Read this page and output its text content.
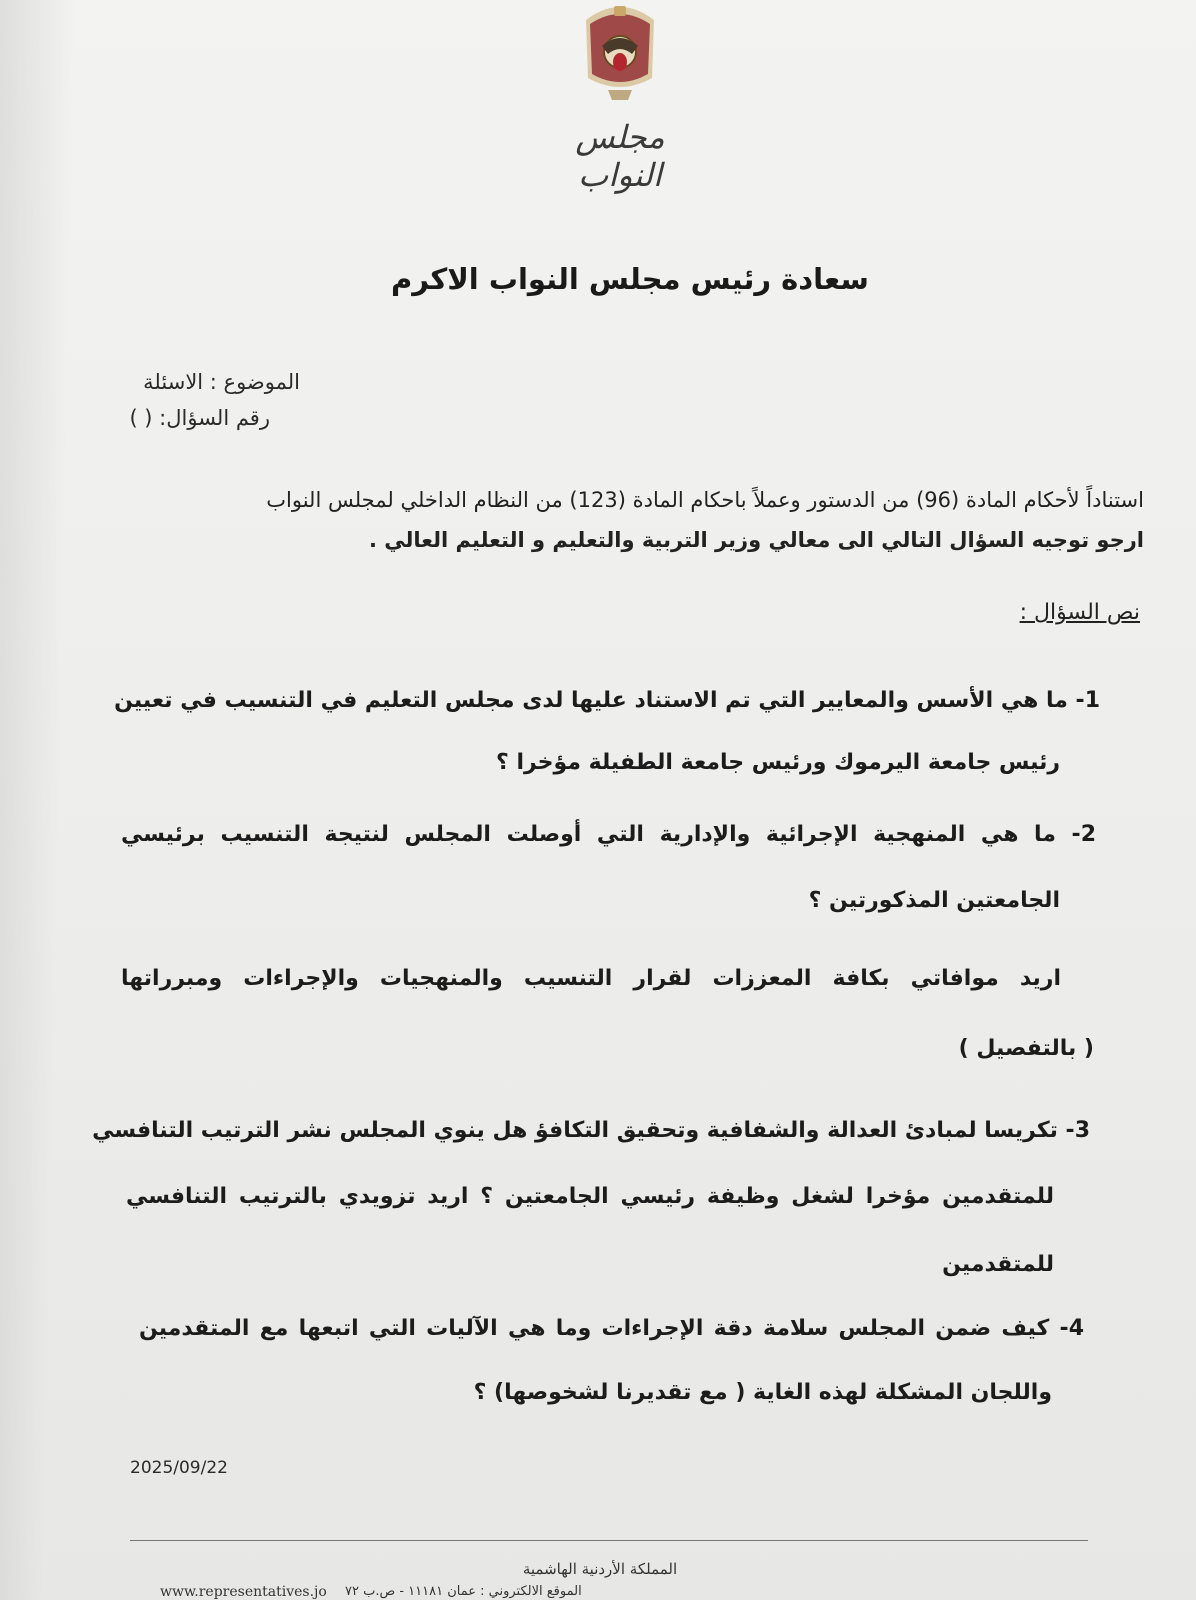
مجلس النواب
سعادة رئيس مجلس النواب الاكرم
الموضوع : الاسئلة
رقم السؤال: ( )
استناداً لأحكام المادة (96) من الدستور وعملاً باحكام المادة (123) من النظام الداخلي لمجلس النواب
ارجو توجيه السؤال التالي الى معالي وزير التربية والتعليم و التعليم العالي .
نص السؤال :
1- ما هي الأسس والمعايير التي تم الاستناد عليها لدى مجلس التعليم في التنسيب في تعيين
رئيس جامعة اليرموك ورئيس جامعة الطفيلة مؤخرا ؟
2- ما هي المنهجية الإجرائية والإدارية التي أوصلت المجلس لنتيجة التنسيب برئيسي
الجامعتين المذكورتين ؟
اريد موافاتي بكافة المعززات لقرار التنسيب والمنهجيات والإجراءات ومبرراتها
( بالتفصيل )
3- تكريسا لمبادئ العدالة والشفافية وتحقيق التكافؤ هل ينوي المجلس نشر الترتيب التنافسي
للمتقدمين مؤخرا لشغل وظيفة رئيسي الجامعتين ؟ اريد تزويدي بالترتيب التنافسي
للمتقدمين
4- كيف ضمن المجلس سلامة دقة الإجراءات وما هي الآليات التي اتبعها مع المتقدمين
واللجان المشكلة لهذه الغاية ( مع تقديرنا لشخوصها) ؟
2025/09/22
المملكة الأردنية الهاشمية
www.representatives.jo الموقع الالكتروني : عمان ١١١٨١ - ص.ب ٧٢
